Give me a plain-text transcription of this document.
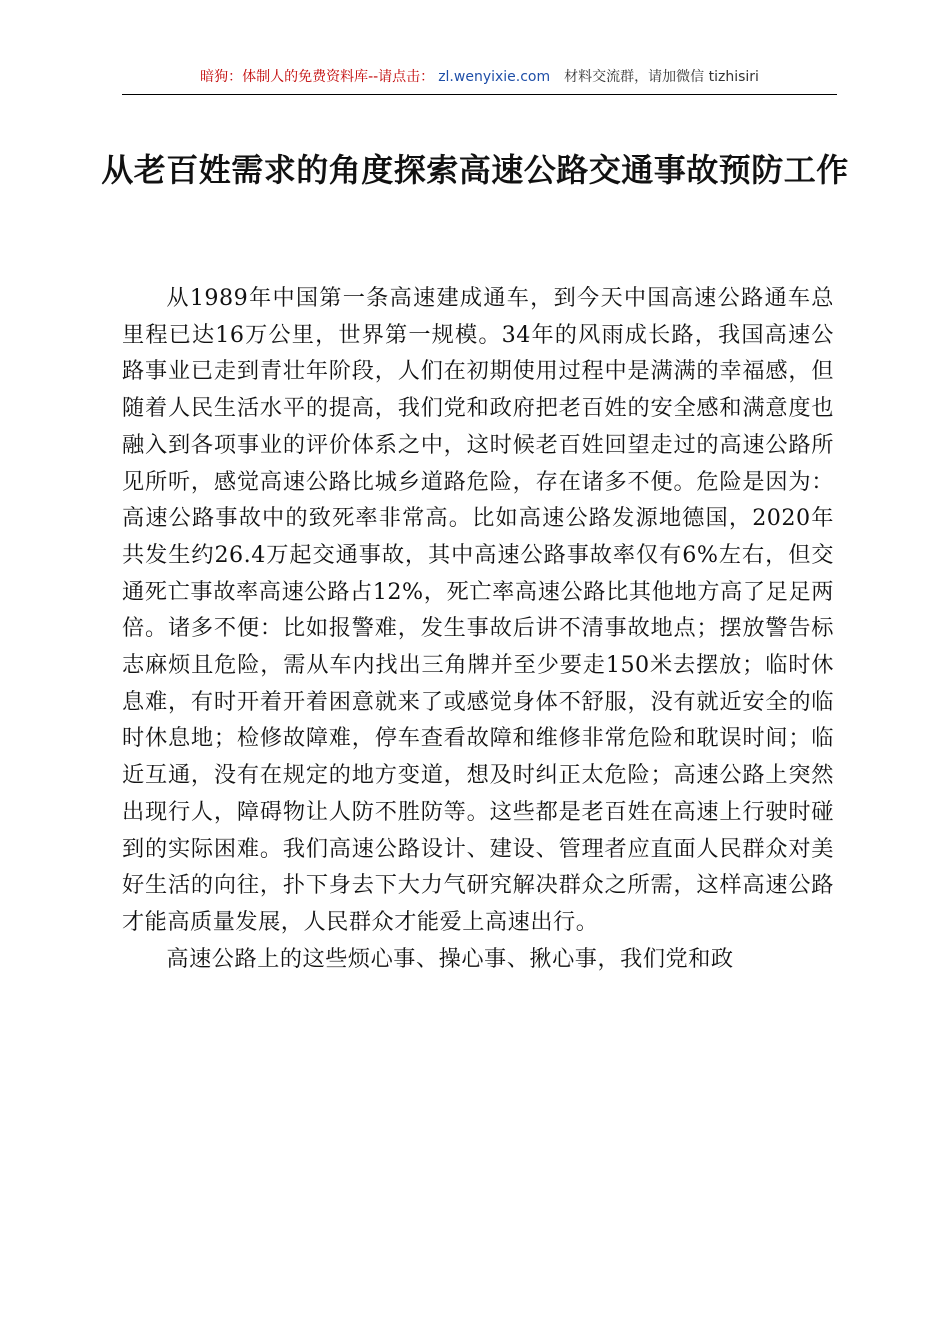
暗狗：体制人的免费资料库--请点击： zl.wenyixie.com 材料交流群，请加微信 tizhisiri
从老百姓需求的角度探索高速公路交通事故预防工作

从1989年中国第一条高速建成通车，到今天中国高速公路通车总里程已达16万公里，世界第一规模。34年的风雨成长路，我国高速公路事业已走到青壮年阶段，人们在初期使用过程中是满满的幸福感，但随着人民生活水平的提高，我们党和政府把老百姓的安全感和满意度也融入到各项事业的评价体系之中，这时候老百姓回望走过的高速公路所见所听，感觉高速公路比城乡道路危险，存在诸多不便。危险是因为：高速公路事故中的致死率非常高。比如高速公路发源地德国，2020年共发生约26.4万起交通事故，其中高速公路事故率仅有6%左右，但交通死亡事故率高速公路占12%，死亡率高速公路比其他地方高了足足两倍。诸多不便：比如报警难，发生事故后讲不清事故地点；摆放警告标志麻烦且危险，需从车内找出三角牌并至少要走150米去摆放；临时休息难，有时开着开着困意就来了或感觉身体不舒服，没有就近安全的临时休息地；检修故障难，停车查看故障和维修非常危险和耽误时间；临近互通，没有在规定的地方变道，想及时纠正太危险；高速公路上突然出现行人，障碍物让人防不胜防等。这些都是老百姓在高速上行驶时碰到的实际困难。我们高速公路设计、建设、管理者应直面人民群众对美好生活的向往，扑下身去下大力气研究解决群众之所需，这样高速公路才能高质量发展，人民群众才能爱上高速出行。

高速公路上的这些烦心事、操心事、揪心事，我们党和政
